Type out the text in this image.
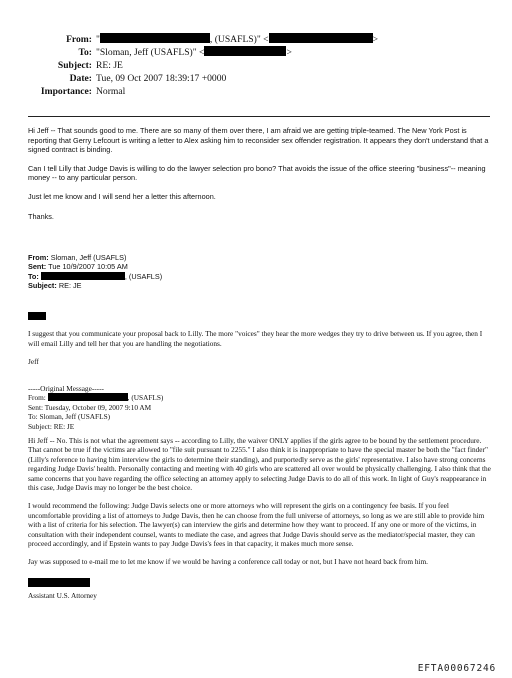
From: "	, (USAFLS)" <	>
To: "Sloman, Jeff (USAFLS)" <	>
Subject: RE: JE
Date: Tue, 09 Oct 2007 18:39:17 +0000
Importance: Normal

Hi Jeff -- That sounds good to me. There are so many of them over there, I am afraid we are getting triple-teamed. The New York Post is reporting that Gerry Lefcourt is writing a letter to Alex asking him to reconsider sex offender registration. It appears they don't understand that a signed contract is binding.

Can I tell Lilly that Judge Davis is willing to do the lawyer selection pro bono? That avoids the issue of the office steering "business"-- meaning money -- to any particular person.

Just let me know and I will send her a letter this afternoon.

Thanks.

From: Sloman, Jeff (USAFLS)

Sent: Tue 10/9/2007 10:05 AM

To:	, (USAFLS)

Subject: RE: JE

I suggest that you communicate your proposal back to Lilly. The more "voices" they hear the more wedges they try to drive between us. If you agree, then I will email Lilly and tell her that you are handling the negotiations.

Jeff

-----Original Message-----

From:	, (USAFLS)

Sent: Tuesday, October 09, 2007 9:10 AM

To: Sloman, Jeff (USAFLS)

Subject: RE: JE

Hi Jeff -- No. This is not what the agreement says -- according to Lilly, the waiver ONLY applies if the girls agree to be bound by the settlement procedure. That cannot be true if the victims are allowed to "file suit pursuant to 2255." I also think it is inappropriate to have the special master be both the "fact finder" (Lilly's reference to having him interview the girls to determine their standing), and purportedly serve as the girls' representative. I also have strong concerns regarding Judge Davis' health. Personally contacting and meeting with 40 girls who are scattered all over would be physically challenging. I also think that the same concerns that you have regarding the office selecting an attorney apply to selecting Judge Davis to do all of this work. In light of Guy's reappearance in this case, Judge Davis may no longer be the best choice.

I would recommend the following: Judge Davis selects one or more attorneys who will represent the girls on a contingency fee basis. If you feel uncomfortable providing a list of attorneys to Judge Davis, then he can choose from the full universe of attorneys, so long as we are still able to provide him with a list of criteria for his selection. The lawyer(s) can interview the girls and determine how they want to proceed. If any one or more of the victims, in consultation with their independent counsel, wants to mediate the case, and agrees that Judge Davis should serve as the mediator/special master, they can proceed accordingly, and if Epstein wants to pay Judge Davis's fees in that capacity, it makes much more sense.

Jay was supposed to e-mail me to let me know if we would be having a conference call today or not, but I have not heard back from him.

Assistant U.S. Attorney

EFTA00067246
